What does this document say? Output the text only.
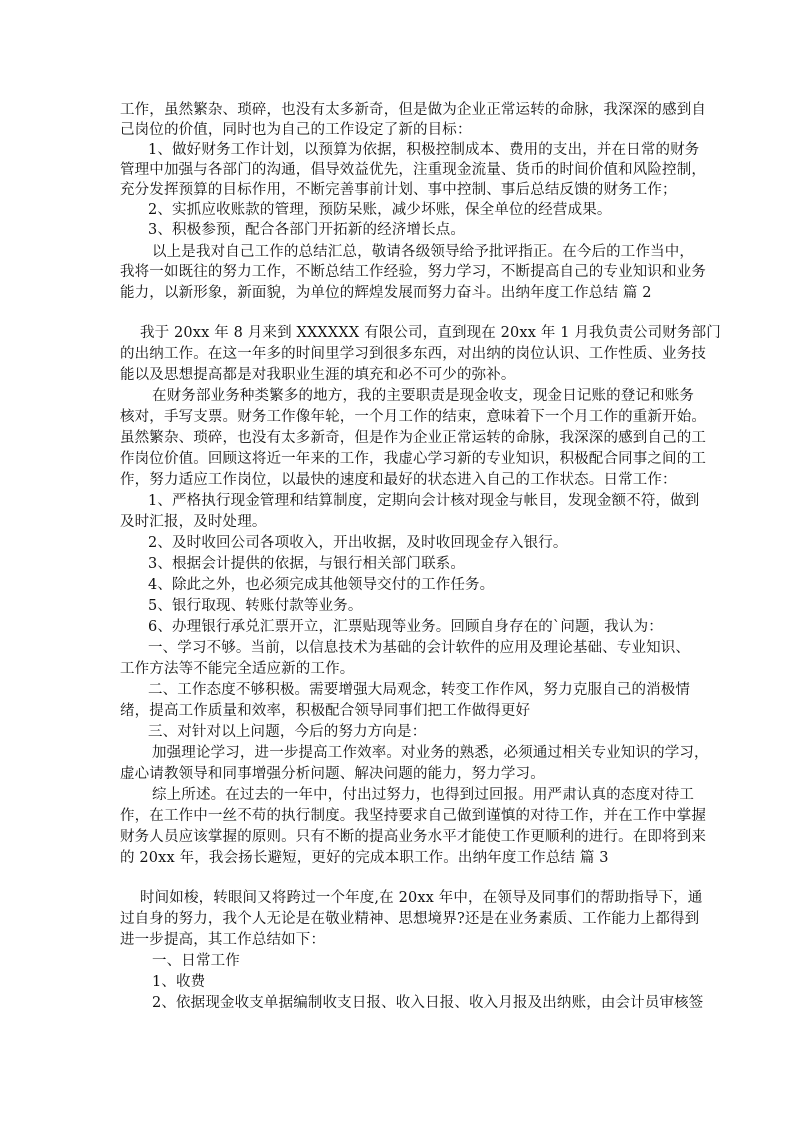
工作，虽然繁杂、琐碎，也没有太多新奇，但是做为企业正常运转的命脉，我深深的感到自
己岗位的价值，同时也为自己的工作设定了新的目标：
1、做好财务工作计划，以预算为依据，积极控制成本、费用的支出，并在日常的财务
管理中加强与各部门的沟通，倡导效益优先，注重现金流量、货币的时间价值和风险控制，
充分发挥预算的目标作用，不断完善事前计划、事中控制、事后总结反馈的财务工作；
2、实抓应收账款的管理，预防呆账，减少坏账，保全单位的经营成果。
3、积极参预，配合各部门开拓新的经济增长点。
以上是我对自己工作的总结汇总，敬请各级领导给予批评指正。在今后的工作当中，
我将一如既往的努力工作，不断总结工作经验，努力学习，不断提高自己的专业知识和业务
能力，以新形象，新面貌，为单位的辉煌发展而努力奋斗。出纳年度工作总结 篇 2
我于 20xx 年 8 月来到 XXXXXX 有限公司，直到现在 20xx 年 1 月我负责公司财务部门
的出纳工作。在这一年多的时间里学习到很多东西，对出纳的岗位认识、工作性质、业务技
能以及思想提高都是对我职业生涯的填充和必不可少的弥补。
在财务部业务种类繁多的地方，我的主要职责是现金收支，现金日记账的登记和账务
核对，手写支票。财务工作像年轮，一个月工作的结束，意味着下一个月工作的重新开始。
虽然繁杂、琐碎，也没有太多新奇，但是作为企业正常运转的命脉，我深深的感到自己的工
作岗位价值。回顾这将近一年来的工作，我虚心学习新的专业知识，积极配合同事之间的工
作，努力适应工作岗位，以最快的速度和最好的状态进入自己的工作状态。日常工作：
1、严格执行现金管理和结算制度，定期向会计核对现金与帐目，发现金额不符，做到
及时汇报，及时处理。
2、及时收回公司各项收入，开出收据，及时收回现金存入银行。
3、根据会计提供的依据，与银行相关部门联系。
4、除此之外，也必须完成其他领导交付的工作任务。
5、银行取现、转账付款等业务。
6、办理银行承兑汇票开立，汇票贴现等业务。回顾自身存在的`问题，我认为：
一、学习不够。当前，以信息技术为基础的会计软件的应用及理论基础、专业知识、
工作方法等不能完全适应新的工作。
二、工作态度不够积极。需要增强大局观念，转变工作作风，努力克服自己的消极情
绪，提高工作质量和效率，积极配合领导同事们把工作做得更好
三、对针对以上问题，今后的努力方向是：
加强理论学习，进一步提高工作效率。对业务的熟悉，必须通过相关专业知识的学习，
虚心请教领导和同事增强分析问题、解决问题的能力，努力学习。
综上所述。在过去的一年中，付出过努力，也得到过回报。用严肃认真的态度对待工
作，在工作中一丝不苟的执行制度。我坚持要求自己做到谨慎的对待工作，并在工作中掌握
财务人员应该掌握的原则。只有不断的提高业务水平才能使工作更顺利的进行。在即将到来
的 20xx 年，我会扬长避短，更好的完成本职工作。出纳年度工作总结 篇 3
时间如梭，转眼间又将跨过一个年度,在 20xx 年中，在领导及同事们的帮助指导下，通
过自身的努力，我个人无论是在敬业精神、思想境界?还是在业务素质、工作能力上都得到
进一步提高，其工作总结如下：
一、日常工作
1、收费
2、依据现金收支单据编制收支日报、收入日报、收入月报及出纳账，由会计员审核签
